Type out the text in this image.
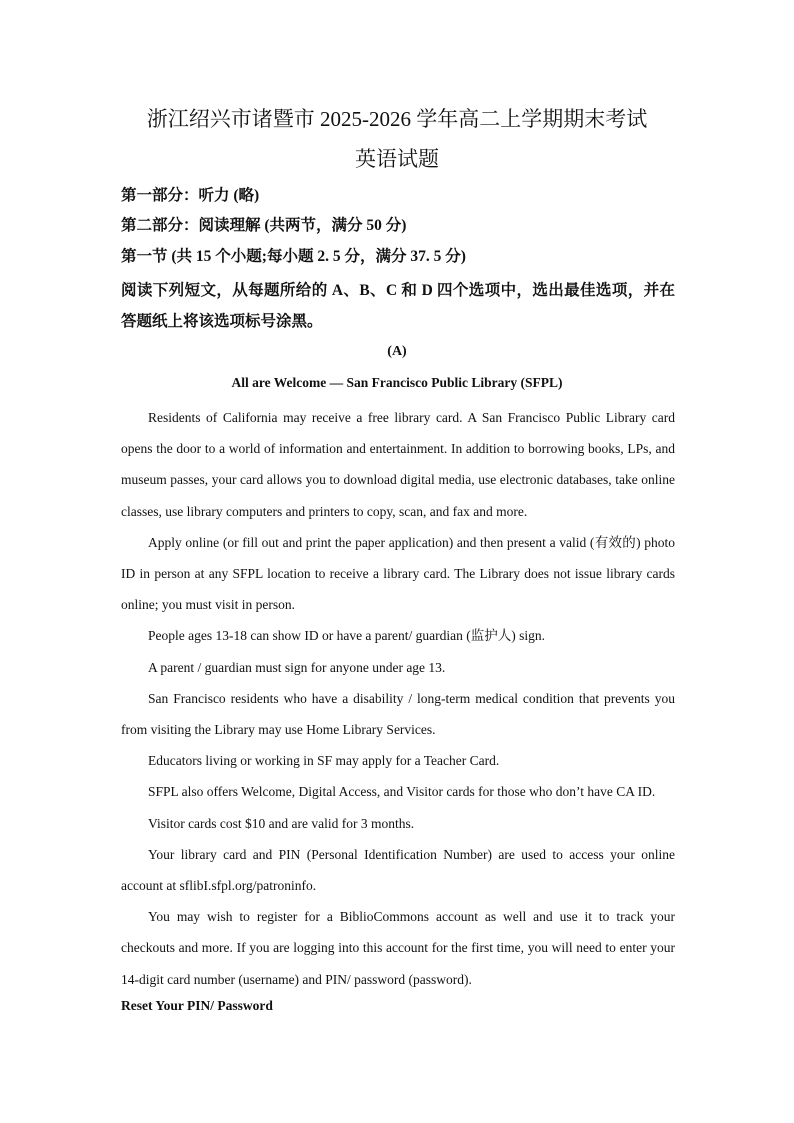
浙江绍兴市诸暨市 2025-2026 学年高二上学期期末考试
英语试题
第一部分：听力 (略)
第二部分：阅读理解 (共两节，满分 50 分)
第一节 (共 15 个小题;每小题 2. 5 分，满分 37. 5 分)
阅读下列短文，从每题所给的 A、B、C 和 D 四个选项中，选出最佳选项，并在答题纸上将该选项标号涂黑。
(A)
All are Welcome — San Francisco Public Library (SFPL)

Residents of California may receive a free library card. A San Francisco Public Library card opens the door to a world of information and entertainment. In addition to borrowing books, LPs, and museum passes, your card allows you to download digital media, use electronic databases, take online classes, use library computers and printers to copy, scan, and fax and more.

Apply online (or fill out and print the paper application) and then present a valid (有效的) photo ID in person at any SFPL location to receive a library card. The Library does not issue library cards online; you must visit in person.

People ages 13-18 can show ID or have a parent/ guardian (监护人) sign.

A parent / guardian must sign for anyone under age 13.

San Francisco residents who have a disability / long-term medical condition that prevents you from visiting the Library may use Home Library Services.

Educators living or working in SF may apply for a Teacher Card.

SFPL also offers Welcome, Digital Access, and Visitor cards for those who don’t have CA ID.

Visitor cards cost $10 and are valid for 3 months.

Your library card and PIN (Personal Identification Number) are used to access your online account at sflibI.sfpl.org/patroninfo.

You may wish to register for a BiblioCommons account as well and use it to track your checkouts and more. If you are logging into this account for the first time, you will need to enter your 14-digit card number (username) and PIN/ password (password).

Reset Your PIN/ Password
